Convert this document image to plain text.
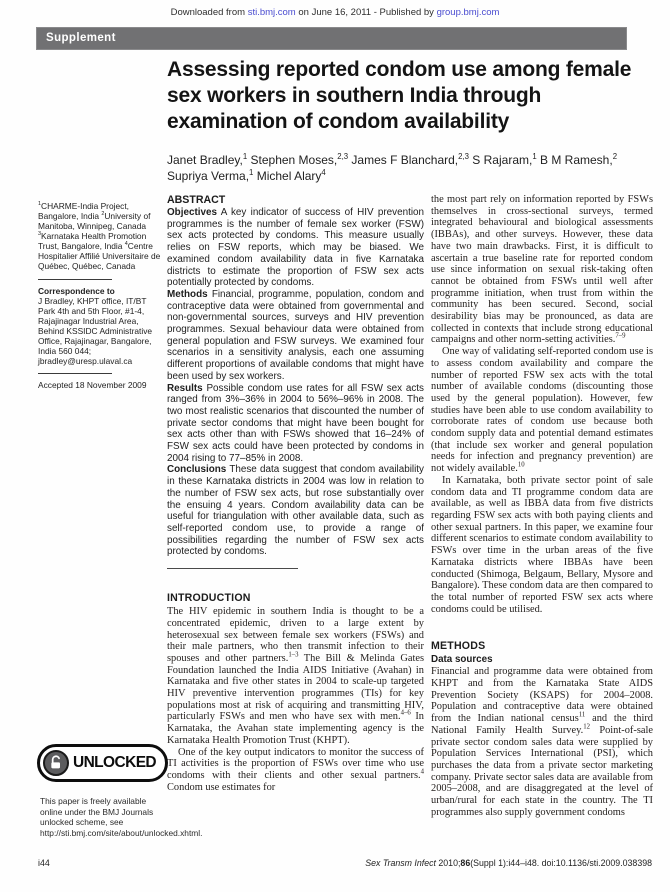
Downloaded from sti.bmj.com on June 16, 2011 - Published by group.bmj.com
Supplement
Assessing reported condom use among female sex workers in southern India through examination of condom availability
Janet Bradley,$^1$ Stephen Moses,$^{2,3}$ James F Blanchard,$^{2,3}$ S Rajaram,$^1$ B M Ramesh,$^2$ Supriya Verma,$^1$ Michel Alary$^4$

$^1$CHARME-India Project, Bangalore, India $^2$University of Manitoba, Winnipeg, Canada $^3$Karnataka Health Promotion Trust, Bangalore, India $^4$Centre Hospitalier Affilié Universitaire de Québec, Québec, Canada

Correspondence to

J Bradley, KHPT office, IT/BT Park 4th and 5th Floor, #1-4, Rajajinagar Industrial Area, Behind KSSIDC Administrative Office, Rajajinagar, Bangalore, India 560 044; jbradley@uresp.ulaval.ca

Accepted 18 November 2009

UNLOCKED

This paper is freely available online under the BMJ Journals unlocked scheme, see http://sti.bmj.com/site/about/unlocked.xhtml.

ABSTRACT

Objectives A key indicator of success of HIV prevention programmes is the number of female sex worker (FSW) sex acts protected by condoms. This measure usually relies on FSW reports, which may be biased. We examined condom availability data in five Karnataka districts to estimate the proportion of FSW sex acts potentially protected by condoms.

Methods Financial, programme, population, condom and contraceptive data were obtained from governmental and non-governmental sources, surveys and HIV prevention programmes. Sexual behaviour data were obtained from general population and FSW surveys. We examined four scenarios in a sensitivity analysis, each one assuming different proportions of available condoms that might have been used by sex workers.

Results Possible condom use rates for all FSW sex acts ranged from 3%–36% in 2004 to 56%–96% in 2008. The two most realistic scenarios that discounted the number of private sector condoms that might have been bought for sex acts other than with FSWs showed that 16–24% of FSW sex acts could have been protected by condoms in 2004 rising to 77–85% in 2008.

Conclusions These data suggest that condom availability in these Karnataka districts in 2004 was low in relation to the number of FSW sex acts, but rose substantially over the ensuing 4 years. Condom availability data can be useful for triangulation with other available data, such as self-reported condom use, to provide a range of possibilities regarding the number of FSW sex acts protected by condoms.

INTRODUCTION

The HIV epidemic in southern India is thought to be a concentrated epidemic, driven to a large extent by heterosexual sex between female sex workers (FSWs) and their male partners, who then transmit infection to their spouses and other partners.$^{1-3}$ The Bill & Melinda Gates Foundation launched the India AIDS Initiative (Avahan) in Karnataka and five other states in 2004 to scale-up targeted HIV preventive intervention programmes (TIs) for key populations most at risk of acquiring and transmitting HIV, particularly FSWs and men who have sex with men.$^{4-6}$ In Karnataka, the Avahan state implementing agency is the Karnataka Health Promotion Trust (KHPT).

One of the key output indicators to monitor the success of TI activities is the proportion of FSWs over time who use condoms with their clients and other sexual partners.$^4$ Condom use estimates for

the most part rely on information reported by FSWs themselves in cross-sectional surveys, termed integrated behavioural and biological assessments (IBBAs), and other surveys. However, these data have two main drawbacks. First, it is difficult to ascertain a true baseline rate for reported condom use since information on sexual risk-taking often cannot be obtained from FSWs until well after programme initiation, when trust from within the community has been secured. Second, social desirability bias may be pronounced, as data are collected in contexts that include strong educational campaigns and other norm-setting activities.$^{7-9}$

One way of validating self-reported condom use is to assess condom availability and compare the number of reported FSW sex acts with the total number of available condoms (discounting those used by the general population). However, few studies have been able to use condom availability to corroborate rates of condom use because both condom supply data and potential demand estimates (that include sex worker and general population needs for infection and pregnancy prevention) are not widely available.$^{10}$

In Karnataka, both private sector point of sale condom data and TI programme condom data are available, as well as IBBA data from five districts regarding FSW sex acts with both paying clients and other sexual partners. In this paper, we examine four different scenarios to estimate condom availability to FSWs over time in the urban areas of the five Karnataka districts where IBBAs have been conducted (Shimoga, Belgaum, Bellary, Mysore and Bangalore). These condom data are then compared to the total number of reported FSW sex acts where condoms could be utilised.

METHODS

Data sources

Financial and programme data were obtained from KHPT and from the Karnataka State AIDS Prevention Society (KSAPS) for 2004–2008. Population and contraceptive data were obtained from the Indian national census$^{11}$ and the third National Family Health Survey.$^{12}$ Point-of-sale private sector condom sales data were supplied by Population Services International (PSI), which purchases the data from a private sector marketing company. Private sector sales data are available from 2005–2008, and are disaggregated at the level of urban/rural for each state in the country. The TI programmes also supply government condoms

i44	Sex Transm Infect 2010;86(Suppl 1):i44–i48. doi:10.1136/sti.2009.038398
